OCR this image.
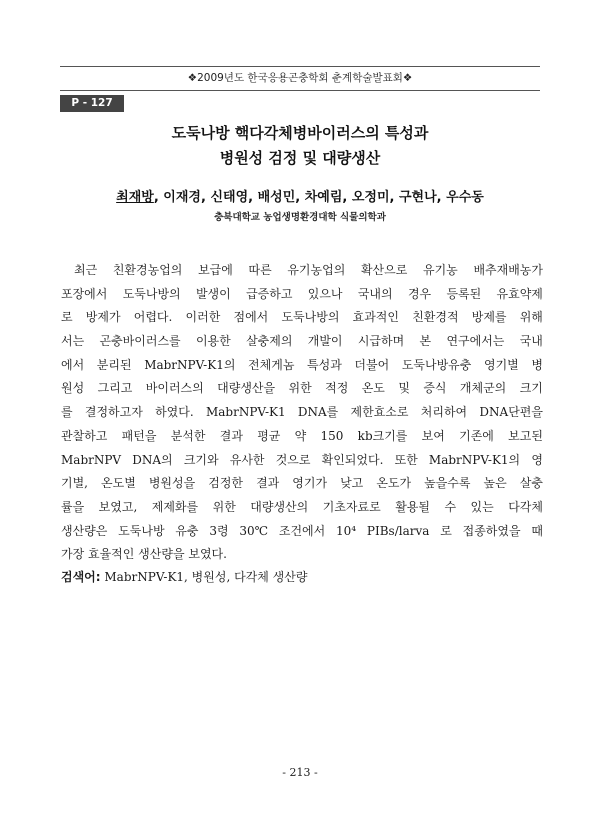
❖2009년도 한국응용곤충학회 춘계학술발표회❖
P - 127
도둑나방 핵다각체병바이러스의 특성과
병원성 검정 및 대량생산
최재방, 이재경, 신태영, 배성민, 차예림, 오정미, 구현나, 우수동
충북대학교 농업생명환경대학 식물의학과
최근 친환경농업의 보급에 따른 유기농업의 확산으로 유기농 배추재배농가
포장에서 도둑나방의 발생이 급증하고 있으나 국내의 경우 등록된 유효약제
로 방제가 어렵다. 이러한 점에서 도둑나방의 효과적인 친환경적 방제를 위해
서는 곤충바이러스를 이용한 살충제의 개발이 시급하며 본 연구에서는 국내
에서 분리된 MabrNPV-K1의 전체게놈 특성과 더불어 도둑나방유충 영기별 병
원성 그리고 바이러스의 대량생산을 위한 적정 온도 및 증식 개체군의 크기
를 결정하고자 하였다. MabrNPV-K1 DNA를 제한효소로 처리하여 DNA단편을
관찰하고 패턴을 분석한 결과 평균 약 150 kb크기를 보여 기존에 보고된
MabrNPV DNA의 크기와 유사한 것으로 확인되었다. 또한 MabrNPV-K1의 영
기별, 온도별 병원성을 검정한 결과 영기가 낮고 온도가 높을수록 높은 살충
률을 보였고, 제제화를 위한 대량생산의 기초자료로 활용될 수 있는 다각체
생산량은 도둑나방 유충 3령 30℃ 조건에서 10⁴ PIBs/larva 로 접종하였을 때
가장 효율적인 생산량을 보였다.
검색어: MabrNPV-K1, 병원성, 다각체 생산량
- 213 -
